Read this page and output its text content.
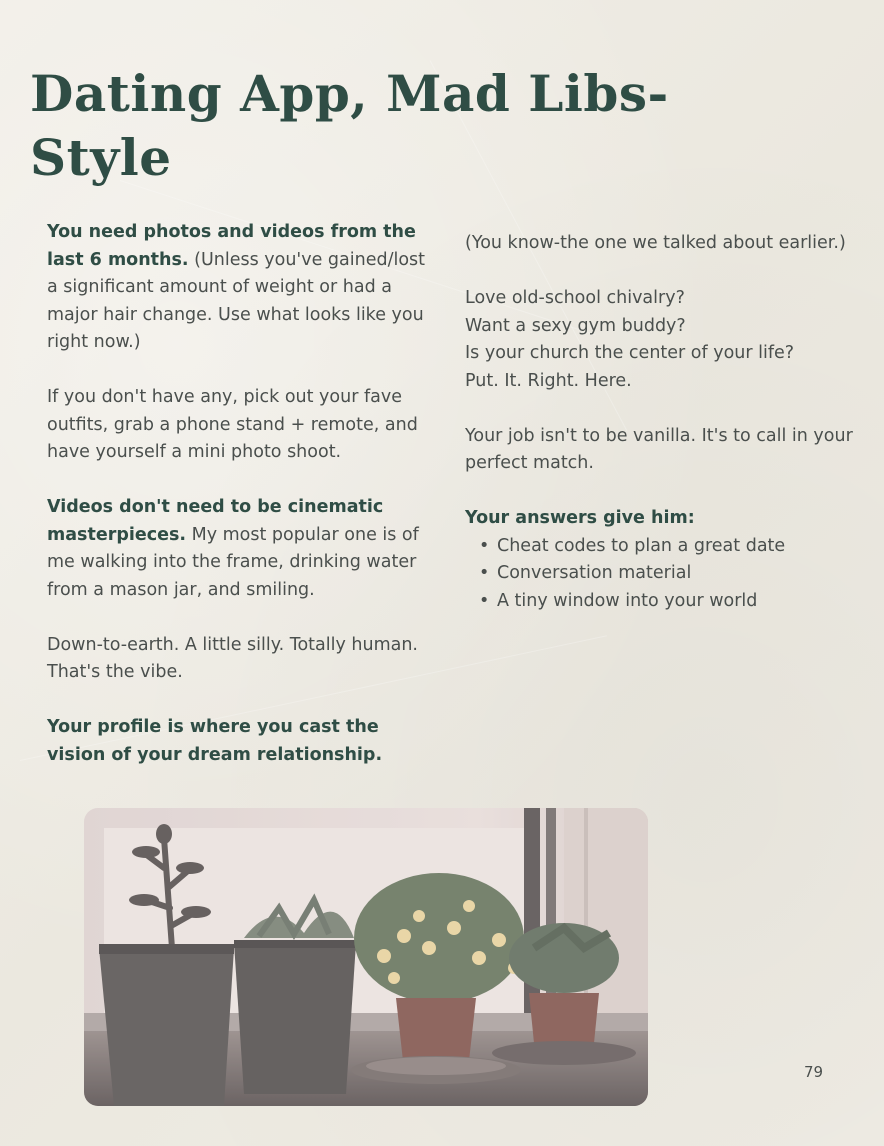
Dating App, Mad Libs-Style

You need photos and videos from the last 6 months. (Unless you've gained/lost a significant amount of weight or had a major hair change. Use what looks like you right now.)

If you don't have any, pick out your fave outfits, grab a phone stand + remote, and have yourself a mini photo shoot.

Videos don't need to be cinematic masterpieces. My most popular one is of me walking into the frame, drinking water from a mason jar, and smiling.

Down-to-earth. A little silly. Totally human. That's the vibe.

Your profile is where you cast the vision of your dream relationship.

(You know-the one we talked about earlier.)

Love old-school chivalry?
Want a sexy gym buddy?
Is your church the center of your life?
Put. It. Right. Here.

Your job isn't to be vanilla. It's to call in your perfect match.

Your answers give him:
• Cheat codes to plan a great date
• Conversation material
• A tiny window into your world
79
